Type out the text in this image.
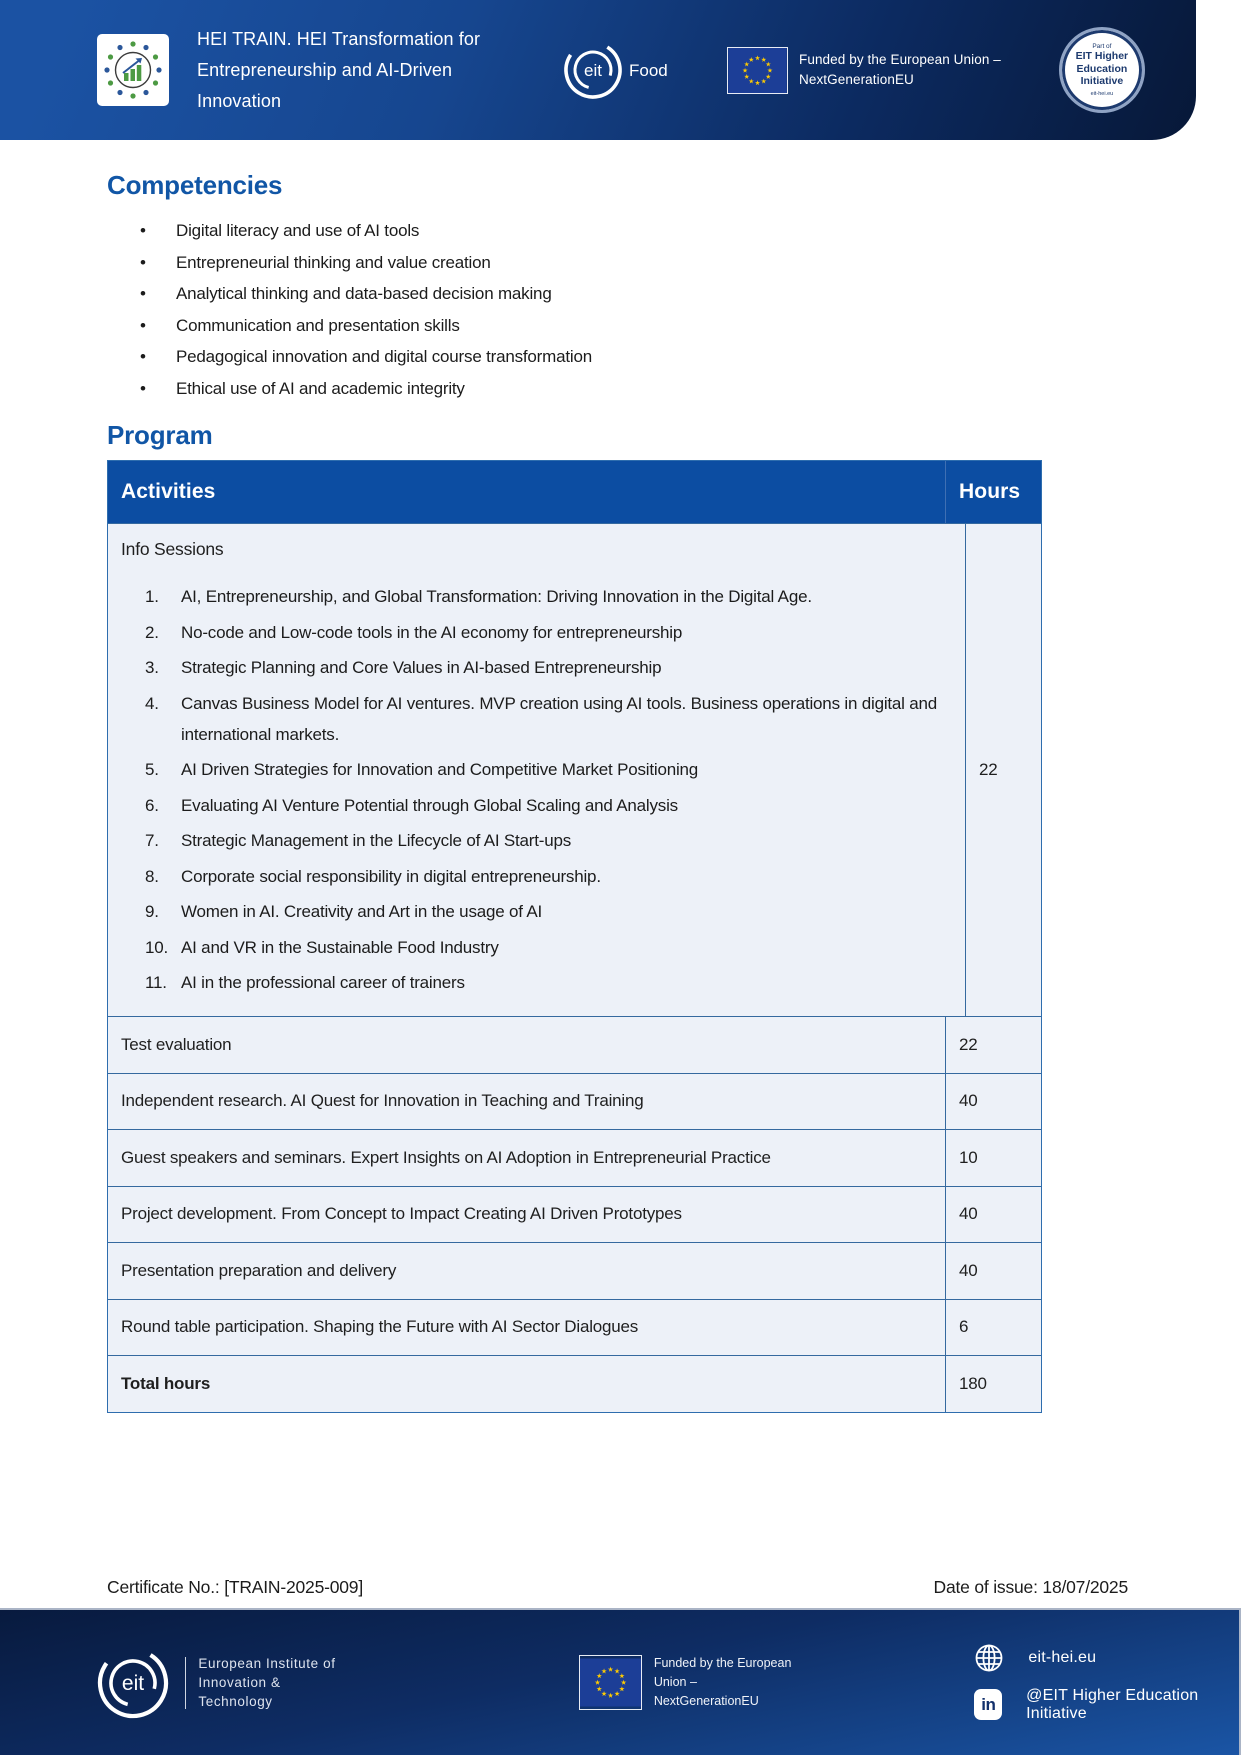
HEI TRAIN. HEI Transformation for
Entrepreneurship and AI-Driven Innovation
eit Food
Funded by the European Union –
NextGenerationEU
Part of
EIT Higher
Education
Initiative
eit-hei.eu
Competencies
• Digital literacy and use of AI tools
• Entrepreneurial thinking and value creation
• Analytical thinking and data-based decision making
• Communication and presentation skills
• Pedagogical innovation and digital course transformation
• Ethical use of AI and academic integrity
Program
Activities	Hours
Info Sessions
AI, Entrepreneurship, and Global Transformation: Driving Innovation in the Digital Age.
No-code and Low-code tools in the AI economy for entrepreneurship
Strategic Planning and Core Values in AI-based Entrepreneurship
Canvas Business Model for AI ventures. MVP creation using AI tools. Business operations in digital and international markets.
AI Driven Strategies for Innovation and Competitive Market Positioning
Evaluating AI Venture Potential through Global Scaling and Analysis
Strategic Management in the Lifecycle of AI Start-ups
Corporate social responsibility in digital entrepreneurship.
Women in AI. Creativity and Art in the usage of AI
AI and VR in the Sustainable Food Industry
AI in the professional career of trainers
22
Test evaluation	22
Independent research. AI Quest for Innovation in Teaching and Training	40
Guest speakers and seminars. Expert Insights on AI Adoption in Entrepreneurial Practice	10
Project development. From Concept to Impact Creating AI Driven Prototypes	40
Presentation preparation and delivery	40
Round table participation. Shaping the Future with AI Sector Dialogues	6
Total hours	180
Certificate No.: [TRAIN-2025-009]	Date of issue: 18/07/2025
eit
European Institute of
Innovation & Technology
Funded by the European Union –
NextGenerationEU
eit-hei.eu
in	@EIT Higher Education Initiative
